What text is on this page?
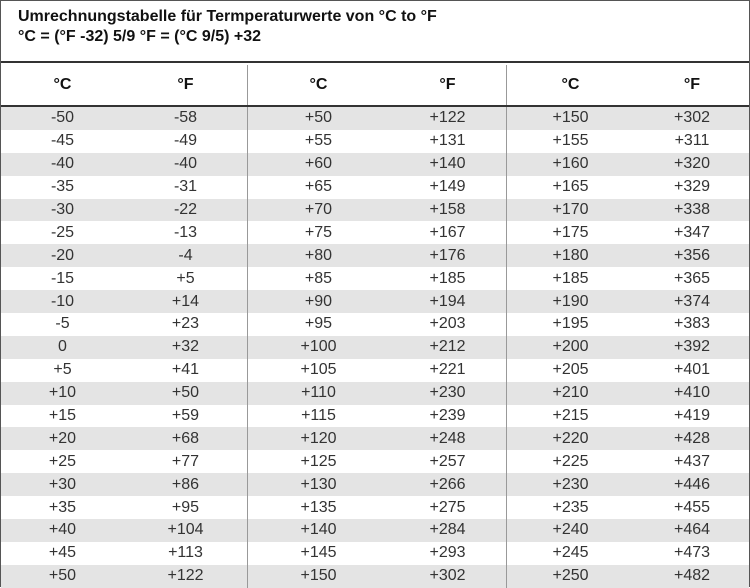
Umrechnungstabelle für Termperaturwerte von °C to °F
°C = (°F -32) 5/9 °F = (°C 9/5) +32
°C	°F	°C	°F	°C	°F
-50	-58	+50	+122	+150	+302
-45	-49	+55	+131	+155	+311
-40	-40	+60	+140	+160	+320
-35	-31	+65	+149	+165	+329
-30	-22	+70	+158	+170	+338
-25	-13	+75	+167	+175	+347
-20	-4	+80	+176	+180	+356
-15	+5	+85	+185	+185	+365
-10	+14	+90	+194	+190	+374
-5	+23	+95	+203	+195	+383
0	+32	+100	+212	+200	+392
+5	+41	+105	+221	+205	+401
+10	+50	+110	+230	+210	+410
+15	+59	+115	+239	+215	+419
+20	+68	+120	+248	+220	+428
+25	+77	+125	+257	+225	+437
+30	+86	+130	+266	+230	+446
+35	+95	+135	+275	+235	+455
+40	+104	+140	+284	+240	+464
+45	+113	+145	+293	+245	+473
+50	+122	+150	+302	+250	+482
